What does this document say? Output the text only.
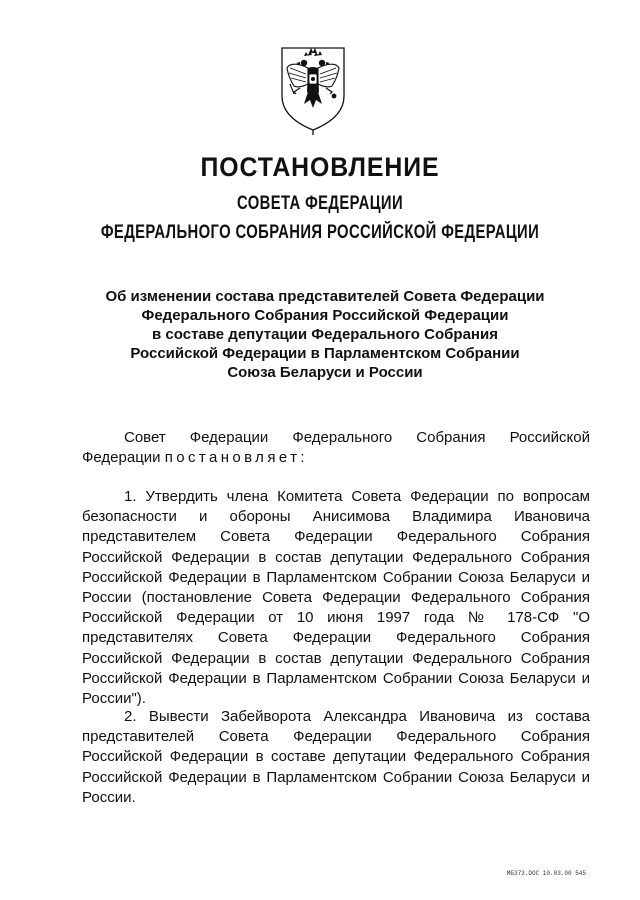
ПОСТАНОВЛЕНИЕ
СОВЕТА ФЕДЕРАЦИИ
ФЕДЕРАЛЬНОГО СОБРАНИЯ РОССИЙСКОЙ ФЕДЕРАЦИИ
Об изменении состава представителей Совета Федерации
Федерального Собрания Российской Федерации
в составе депутации Федерального Собрания
Российской Федерации в Парламентском Собрании
Союза Беларуси и России
Совет Федерации Федерального Собрания Российской Федерации постановляет:
1. Утвердить члена Комитета Совета Федерации по вопросам безопасности и обороны Анисимова Владимира Ивановича представителем Совета Федерации Федерального Собрания Российской Федерации в состав депутации Федерального Собрания Российской Федерации в Парламентском Собрании Союза Беларуси и России (постановление Совета Федерации Федерального Собрания Российской Федерации от 10 июня 1997 года № 178-СФ "О представителях Совета Федерации Федерального Собрания Российской Федерации в состав депутации Федерального Собрания Российской Федерации в Парламентском Собрании Союза Беларуси и России").
2. Вывести Забейворота Александра Ивановича из состава представителей Совета Федерации Федерального Собрания Российской Федерации в составе депутации Федерального Собрания Российской Федерации в Парламентском Собрании Союза Беларуси и России.
МБ373.DOC 10.03.00 545
